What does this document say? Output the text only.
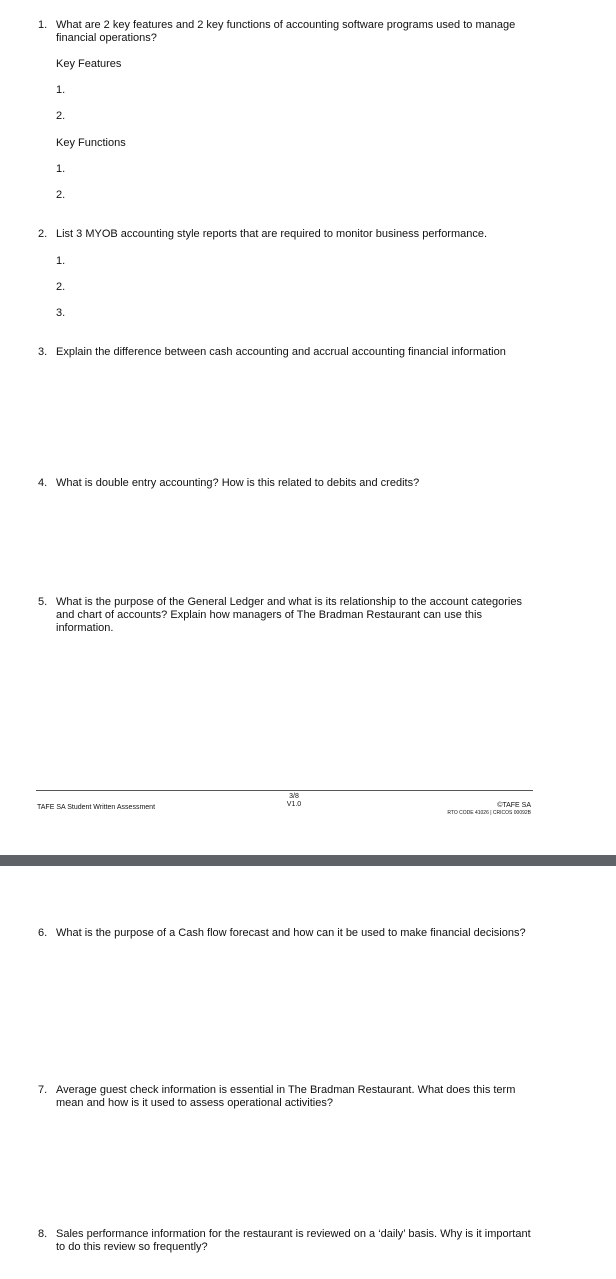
1. What are 2 key features and 2 key functions of accounting software programs used to manage financial operations?
Key Features
1.
2.
Key Functions
1.
2.
2. List 3 MYOB accounting style reports that are required to monitor business performance.
1.
2.
3.
3. Explain the difference between cash accounting and accrual accounting financial information
4. What is double entry accounting? How is this related to debits and credits?
5. What is the purpose of the General Ledger and what is its relationship to the account categories and chart of accounts? Explain how managers of The Bradman Restaurant can use this information.
TAFE SA Student Written Assessment
3/8
V1.0	©TAFE SA
RTO CODE 41026 | CRICOS 00092B
6. What is the purpose of a Cash flow forecast and how can it be used to make financial decisions?
7. Average guest check information is essential in The Bradman Restaurant. What does this term mean and how is it used to assess operational activities?
8. Sales performance information for the restaurant is reviewed on a ‘daily’ basis. Why is it important to do this review so frequently?
